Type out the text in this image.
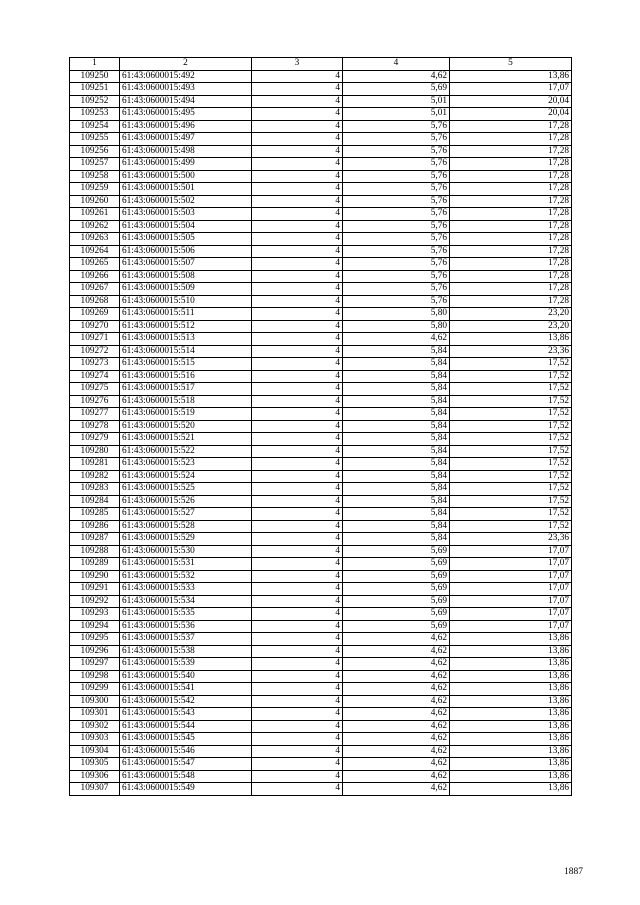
1	2	3	4	5
109250	61:43:0600015:492	4	4,62	13,86
109251	61:43:0600015:493	4	5,69	17,07
109252	61:43:0600015:494	4	5,01	20,04
109253	61:43:0600015:495	4	5,01	20,04
109254	61:43:0600015:496	4	5,76	17,28
109255	61:43:0600015:497	4	5,76	17,28
109256	61:43:0600015:498	4	5,76	17,28
109257	61:43:0600015:499	4	5,76	17,28
109258	61:43:0600015:500	4	5,76	17,28
109259	61:43:0600015:501	4	5,76	17,28
109260	61:43:0600015:502	4	5,76	17,28
109261	61:43:0600015:503	4	5,76	17,28
109262	61:43:0600015:504	4	5,76	17,28
109263	61:43:0600015:505	4	5,76	17,28
109264	61:43:0600015:506	4	5,76	17,28
109265	61:43:0600015:507	4	5,76	17,28
109266	61:43:0600015:508	4	5,76	17,28
109267	61:43:0600015:509	4	5,76	17,28
109268	61:43:0600015:510	4	5,76	17,28
109269	61:43:0600015:511	4	5,80	23,20
109270	61:43:0600015:512	4	5,80	23,20
109271	61:43:0600015:513	4	4,62	13,86
109272	61:43:0600015:514	4	5,84	23,36
109273	61:43:0600015:515	4	5,84	17,52
109274	61:43:0600015:516	4	5,84	17,52
109275	61:43:0600015:517	4	5,84	17,52
109276	61:43:0600015:518	4	5,84	17,52
109277	61:43:0600015:519	4	5,84	17,52
109278	61:43:0600015:520	4	5,84	17,52
109279	61:43:0600015:521	4	5,84	17,52
109280	61:43:0600015:522	4	5,84	17,52
109281	61:43:0600015:523	4	5,84	17,52
109282	61:43:0600015:524	4	5,84	17,52
109283	61:43:0600015:525	4	5,84	17,52
109284	61:43:0600015:526	4	5,84	17,52
109285	61:43:0600015:527	4	5,84	17,52
109286	61:43:0600015:528	4	5,84	17,52
109287	61:43:0600015:529	4	5,84	23,36
109288	61:43:0600015:530	4	5,69	17,07
109289	61:43:0600015:531	4	5,69	17,07
109290	61:43:0600015:532	4	5,69	17,07
109291	61:43:0600015:533	4	5,69	17,07
109292	61:43:0600015:534	4	5,69	17,07
109293	61:43:0600015:535	4	5,69	17,07
109294	61:43:0600015:536	4	5,69	17,07
109295	61:43:0600015:537	4	4,62	13,86
109296	61:43:0600015:538	4	4,62	13,86
109297	61:43:0600015:539	4	4,62	13,86
109298	61:43:0600015:540	4	4,62	13,86
109299	61:43:0600015:541	4	4,62	13,86
109300	61:43:0600015:542	4	4,62	13,86
109301	61:43:0600015:543	4	4,62	13,86
109302	61:43:0600015:544	4	4,62	13,86
109303	61:43:0600015:545	4	4,62	13,86
109304	61:43:0600015:546	4	4,62	13,86
109305	61:43:0600015:547	4	4,62	13,86
109306	61:43:0600015:548	4	4,62	13,86
109307	61:43:0600015:549	4	4,62	13,86
1887
